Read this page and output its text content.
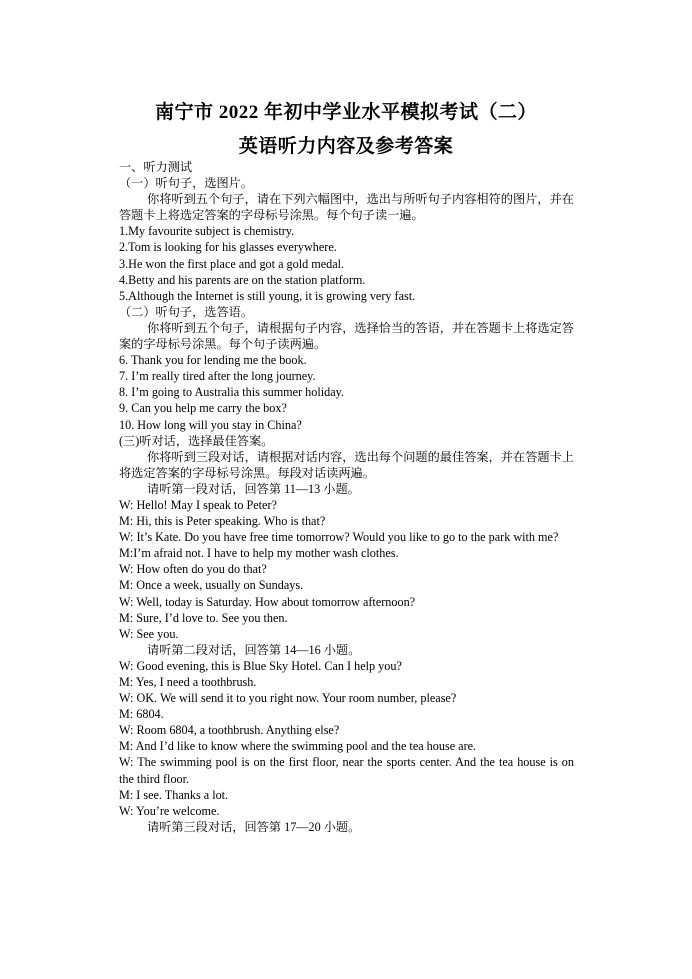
南宁市 2022 年初中学业水平模拟考试（二）
英语听力内容及参考答案
一、听力测试
（一）听句子，选图片。
你将听到五个句子，请在下列六幅图中，选出与所听句子内容相符的图片，并在答题卡上将选定答案的字母标号涂黑。每个句子读一遍。
1.My favourite subject is chemistry.
2.Tom is looking for his glasses everywhere.
3.He won the first place and got a gold medal.
4.Betty and his parents are on the station platform.
5.Although the Internet is still young, it is growing very fast.
（二）听句子，选答语。
你将听到五个句子，请根据句子内容，选择恰当的答语，并在答题卡上将选定答案的字母标号涂黑。每个句子读两遍。
6. Thank you for lending me the book.
7. I’m really tired after the long journey.
8. I’m going to Australia this summer holiday.
9. Can you help me carry the box?
10. How long will you stay in China?
(三)听对话，选择最佳答案。
你将听到三段对话，请根据对话内容，选出每个问题的最佳答案，并在答题卡上将选定答案的字母标号涂黑。每段对话读两遍。
请听第一段对话，回答第 11—13 小题。
W: Hello! May I speak to Peter?
M: Hi, this is Peter speaking. Who is that?
W: It’s Kate. Do you have free time tomorrow? Would you like to go to the park with me?
M:I’m afraid not. I have to help my mother wash clothes.
W: How often do you do that?
M: Once a week, usually on Sundays.
W: Well, today is Saturday. How about tomorrow afternoon?
M: Sure, I’d love to. See you then.
W: See you.
请听第二段对话，回答第 14—16 小题。
W: Good evening, this is Blue Sky Hotel. Can I help you?
M: Yes, I need a toothbrush.
W: OK. We will send it to you right now. Your room number, please?
M: 6804.
W: Room 6804, a toothbrush. Anything else?
M: And I’d like to know where the swimming pool and the tea house are.
W: The swimming pool is on the first floor, near the sports center. And the tea house is on the third floor.
M: I see. Thanks a lot.
W: You’re welcome.
请听第三段对话，回答第 17—20 小题。
